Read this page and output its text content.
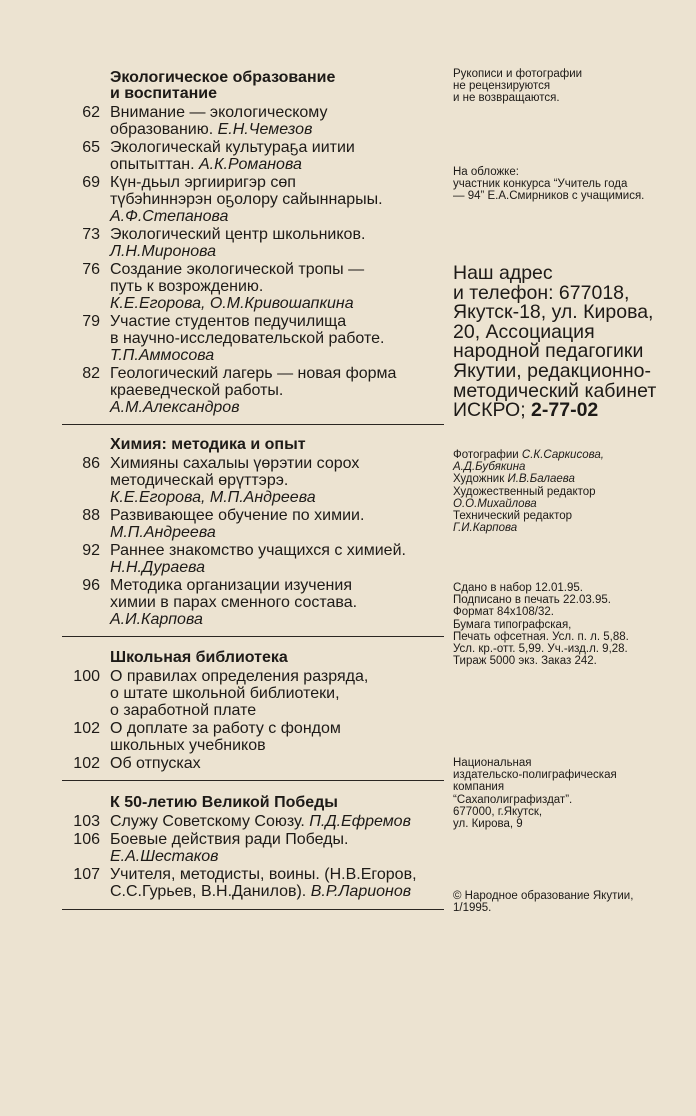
Экологическое образование
и воспитание
62 Внимание — экологическому
образованию. Е.Н.Чемезов
65 Экологическай культураҕа иитии
опытыттан. А.К.Романова
69 Күн-дьыл эргииригэр сөп
түбэһиннэрэн оҕолору сайыннарыы.
А.Ф.Степанова
73 Экологический центр школьников.
Л.Н.Миронова
76 Создание экологической тропы —
путь к возрождению.
К.Е.Егорова, О.М.Кривошапкина
79 Участие студентов педучилища
в научно-исследовательской работе.
Т.П.Аммосова
82 Геологический лагерь — новая форма
краеведческой работы.
А.М.Александров
Химия: методика и опыт
86 Химияны сахалыы үөрэтии сорох
методическай өрүттэрэ.
К.Е.Егорова, М.П.Андреева
88 Развивающее обучение по химии.
М.П.Андреева
92 Раннее знакомство учащихся с химией.
Н.Н.Дураева
96 Методика организации изучения
химии в парах сменного состава.
А.И.Карпова
Школьная библиотека
100 О правилах определения разряда,
о штате школьной библиотеки,
о заработной плате
102 О доплате за работу с фондом
школьных учебников
102 Об отпусках
К 50-летию Великой Победы
103 Служу Советскому Союзу. П.Д.Ефремов
106 Боевые действия ради Победы.
Е.А.Шестаков
107 Учителя, методисты, воины. (Н.В.Егоров,
С.С.Гурьев, В.Н.Данилов). В.Р.Ларионов
Рукописи и фотографии
не рецензируются
и не возвращаются.
На обложке:
участник конкурса “Учитель года
— 94” Е.А.Смирников с учащимися.
Наш адрес
и телефон: 677018,
Якутск-18, ул. Кирова,
20, Ассоциация
народной педагогики
Якутии, редакционно-
методический кабинет
ИСКРО; 2-77-02
Фотографии С.К.Саркисова,
А.Д.Бубякина
Художник И.В.Балаева
Художественный редактор
О.О.Михайлова
Технический редактор
Г.И.Карпова
Сдано в набор 12.01.95.
Подписано в печать 22.03.95.
Формат 84x108/32.
Бумага типографская,
Печать офсетная. Усл. п. л. 5,88.
Усл. кр.-отт. 5,99. Уч.-изд.л. 9,28.
Тираж 5000 экз. Заказ 242.
Национальная
издательско-полиграфическая
компания
“Сахаполиграфиздат”.
677000, г.Якутск,
ул. Кирова, 9
© Народное образование Якутии,
1/1995.
